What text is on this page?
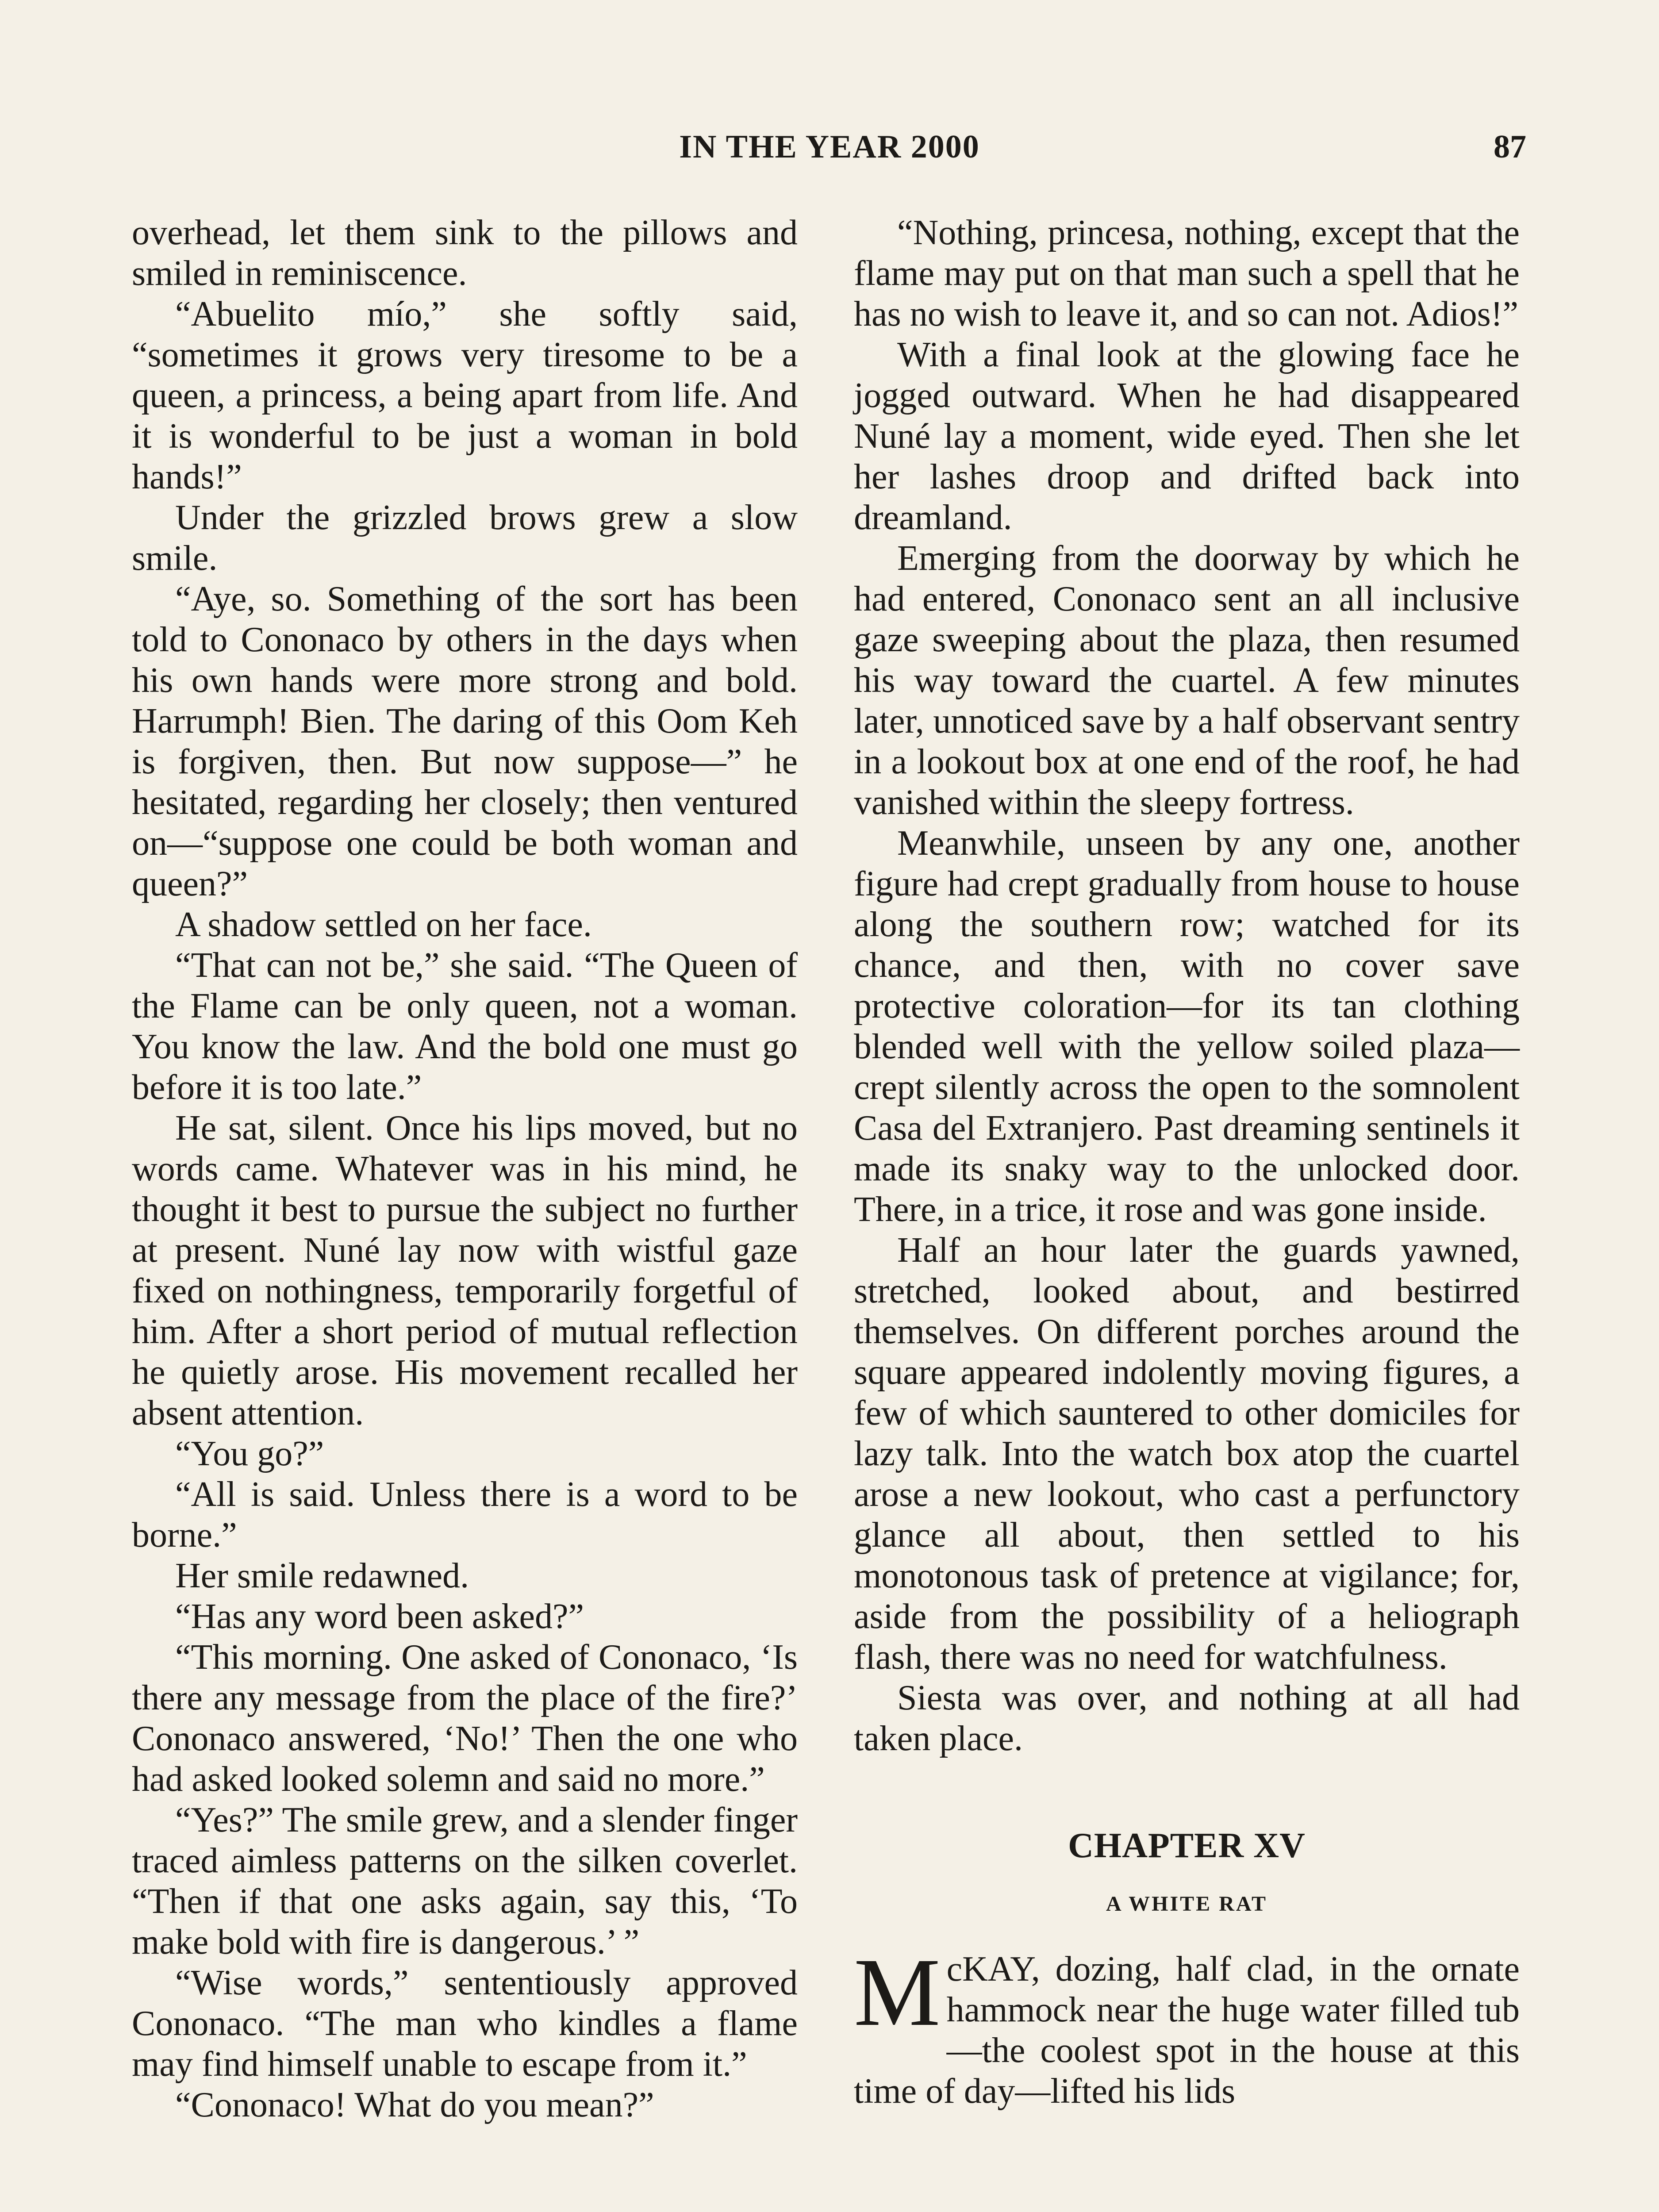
IN THE YEAR 2000	87

overhead, let them sink to the pillows and smiled in reminiscence.

“Abuelito mío,” she softly said, “sometimes it grows very tiresome to be a queen, a princess, a being apart from life. And it is wonderful to be just a woman in bold hands!”

Under the grizzled brows grew a slow smile.

“Aye, so. Something of the sort has been told to Cononaco by others in the days when his own hands were more strong and bold. Harrumph! Bien. The daring of this Oom Keh is forgiven, then. But now suppose—” he hesitated, regarding her closely; then ventured on—“suppose one could be both woman and queen?”

A shadow settled on her face.

“That can not be,” she said. “The Queen of the Flame can be only queen, not a woman. You know the law. And the bold one must go before it is too late.”

He sat, silent. Once his lips moved, but no words came. Whatever was in his mind, he thought it best to pursue the subject no further at present. Nuné lay now with wistful gaze fixed on nothingness, temporarily forgetful of him. After a short period of mutual reflection he quietly arose. His movement recalled her absent attention.

“You go?”

“All is said. Unless there is a word to be borne.”

Her smile redawned.

“Has any word been asked?”

“This morning. One asked of Cononaco, ‘Is there any message from the place of the fire?’ Cononaco answered, ‘No!’ Then the one who had asked looked solemn and said no more.”

“Yes?” The smile grew, and a slender finger traced aimless patterns on the silken coverlet. “Then if that one asks again, say this, ‘To make bold with fire is dangerous.’ ”

“Wise words,” sententiously approved Cononaco. “The man who kindles a flame may find himself unable to escape from it.”

“Cononaco! What do you mean?”

“Nothing, princesa, nothing, except that the flame may put on that man such a spell that he has no wish to leave it, and so can not. Adios!”

With a final look at the glowing face he jogged outward. When he had disappeared Nuné lay a moment, wide eyed. Then she let her lashes droop and drifted back into dreamland.

Emerging from the doorway by which he had entered, Cononaco sent an all inclusive gaze sweeping about the plaza, then resumed his way toward the cuartel. A few minutes later, unnoticed save by a half observant sentry in a lookout box at one end of the roof, he had vanished within the sleepy fortress.

Meanwhile, unseen by any one, another figure had crept gradually from house to house along the southern row; watched for its chance, and then, with no cover save protective coloration—for its tan clothing blended well with the yellow soiled plaza—crept silently across the open to the somnolent Casa del Extranjero. Past dreaming sentinels it made its snaky way to the unlocked door. There, in a trice, it rose and was gone inside.

Half an hour later the guards yawned, stretched, looked about, and bestirred themselves. On different porches around the square appeared indolently moving figures, a few of which sauntered to other domiciles for lazy talk. Into the watch box atop the cuartel arose a new lookout, who cast a perfunctory glance all about, then settled to his monotonous task of pretence at vigilance; for, aside from the possibility of a heliograph flash, there was no need for watchfulness.

Siesta was over, and nothing at all had taken place.

CHAPTER XV
A WHITE RAT

M cKAY, dozing, half clad, in the ornate hammock near the huge water filled tub—the coolest spot in the house at this time of day—lifted his lids
